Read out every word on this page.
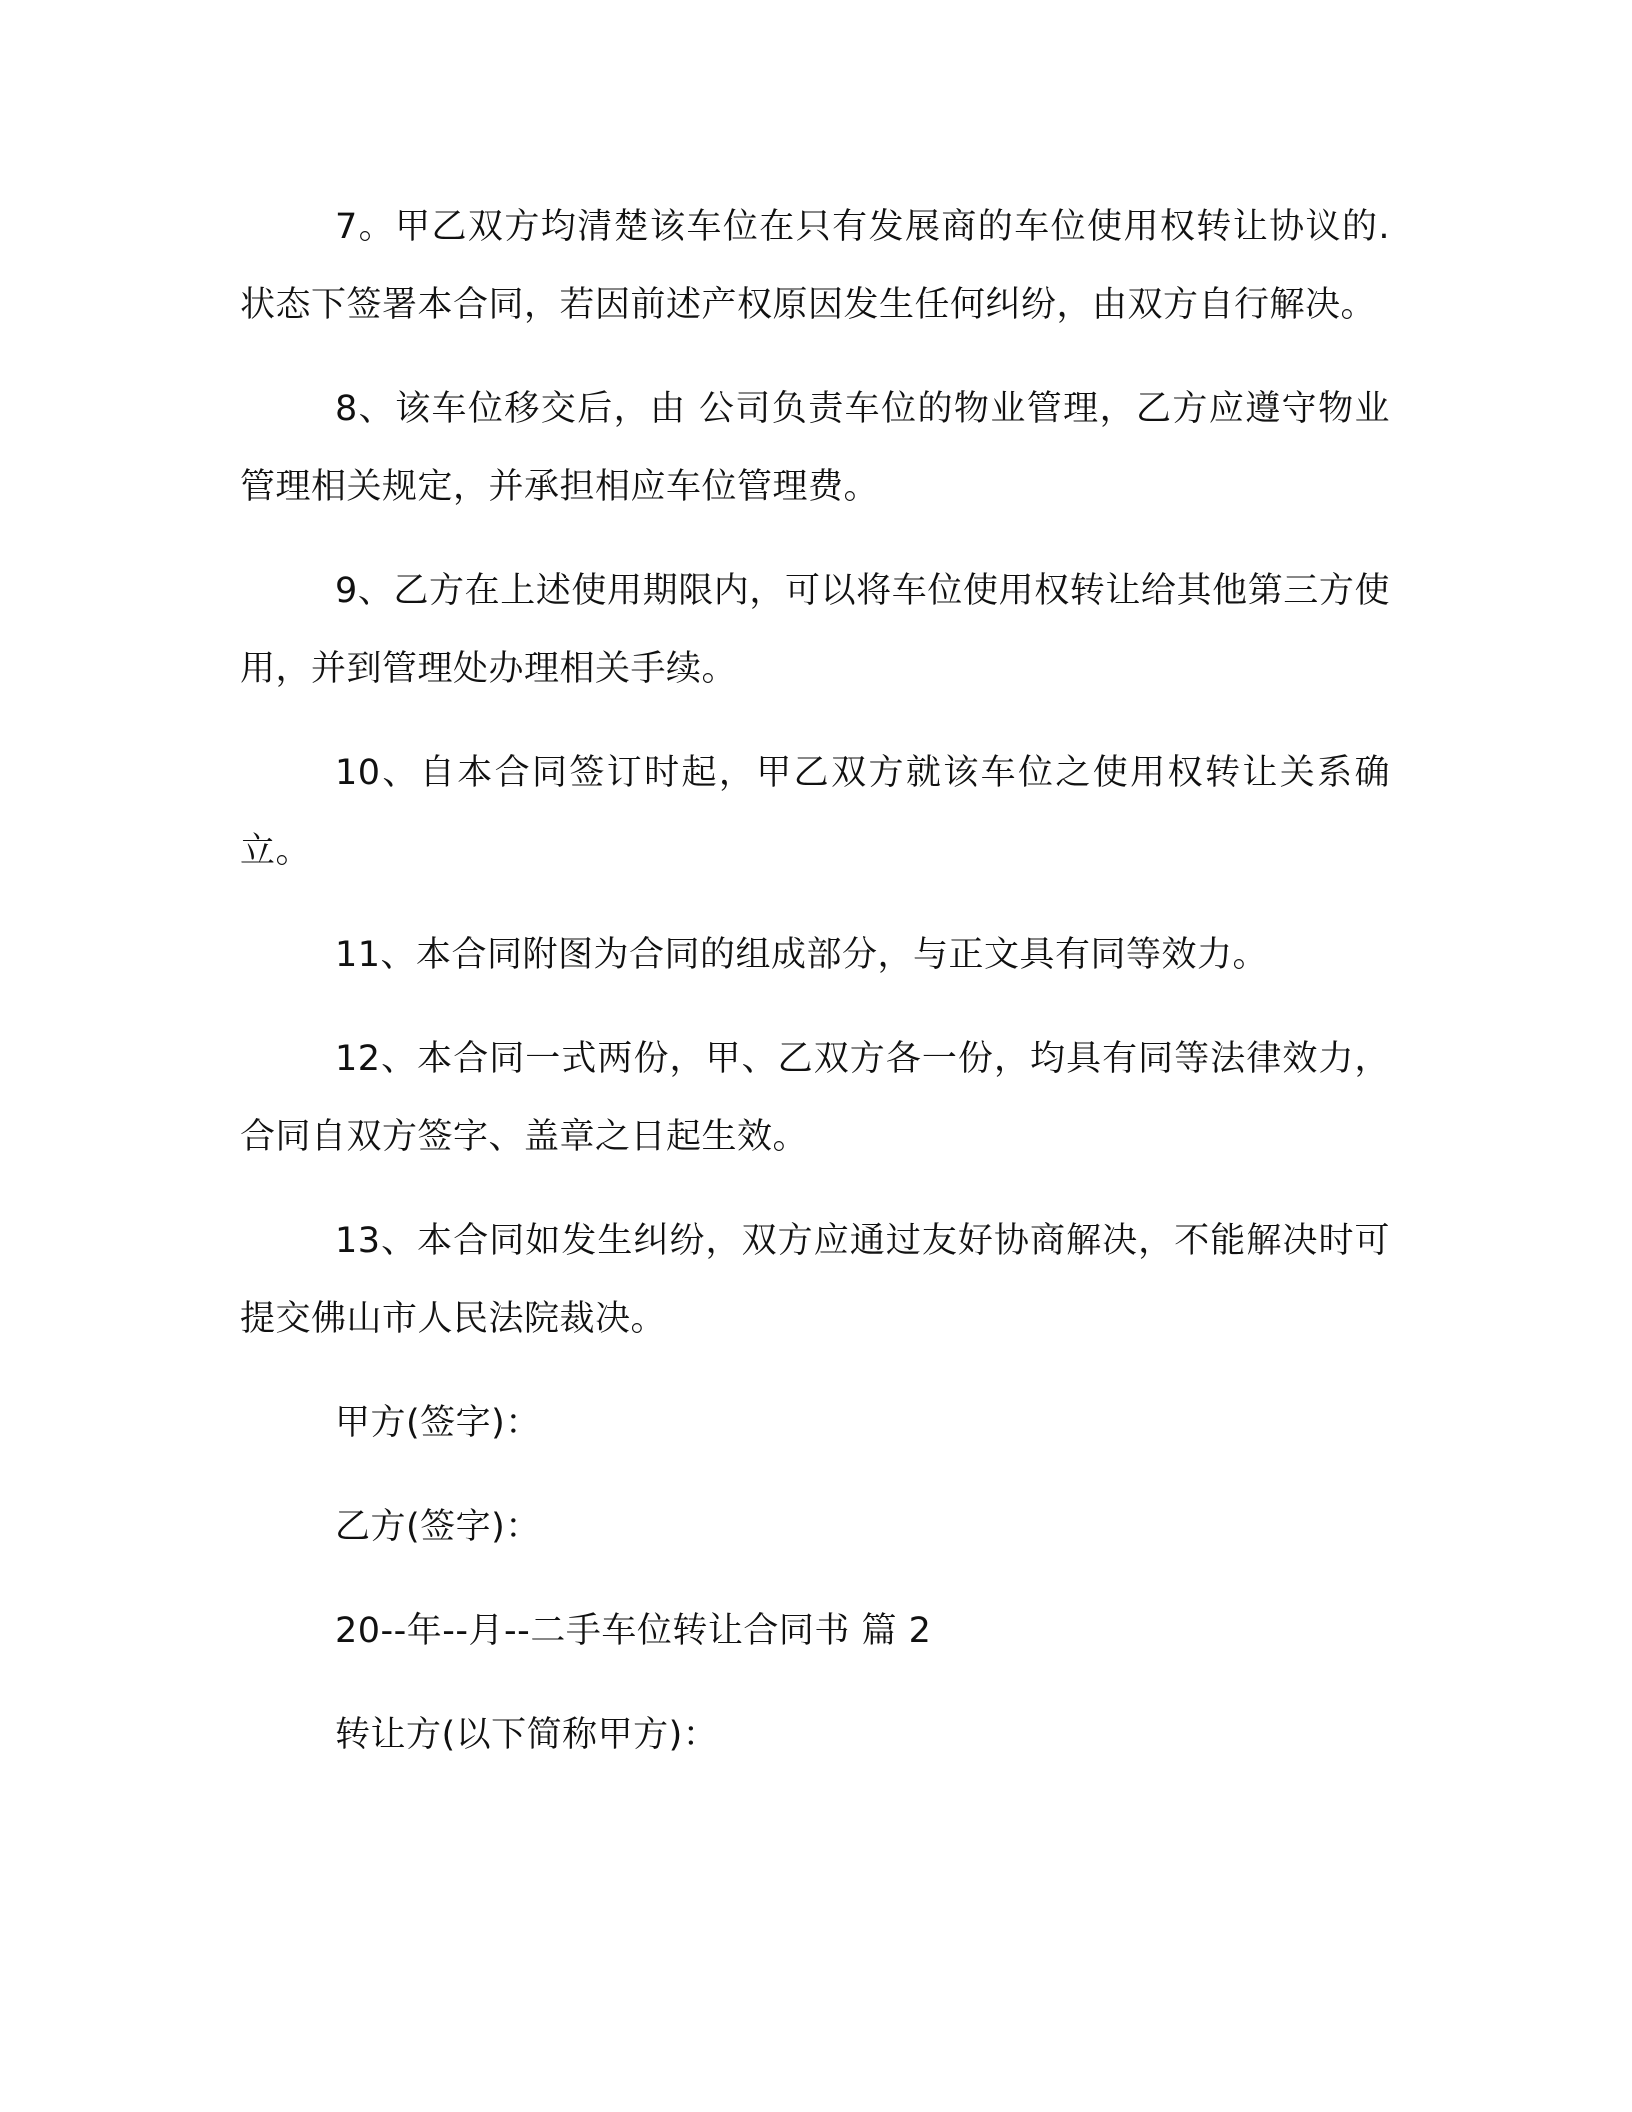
7。甲乙双方均清楚该车位在只有发展商的车位使用权转让协议的.状态下签署本合同，若因前述产权原因发生任何纠纷，由双方自行解决。

8、该车位移交后，由 公司负责车位的物业管理，乙方应遵守物业管理相关规定，并承担相应车位管理费。

9、乙方在上述使用期限内，可以将车位使用权转让给其他第三方使用，并到管理处办理相关手续。

10、自本合同签订时起，甲乙双方就该车位之使用权转让关系确立。

11、本合同附图为合同的组成部分，与正文具有同等效力。

12、本合同一式两份，甲、乙双方各一份，均具有同等法律效力，合同自双方签字、盖章之日起生效。

13、本合同如发生纠纷，双方应通过友好协商解决，不能解决时可提交佛山市人民法院裁决。

甲方(签字)：

乙方(签字)：

20--年--月--二手车位转让合同书 篇 2

转让方(以下简称甲方)：
